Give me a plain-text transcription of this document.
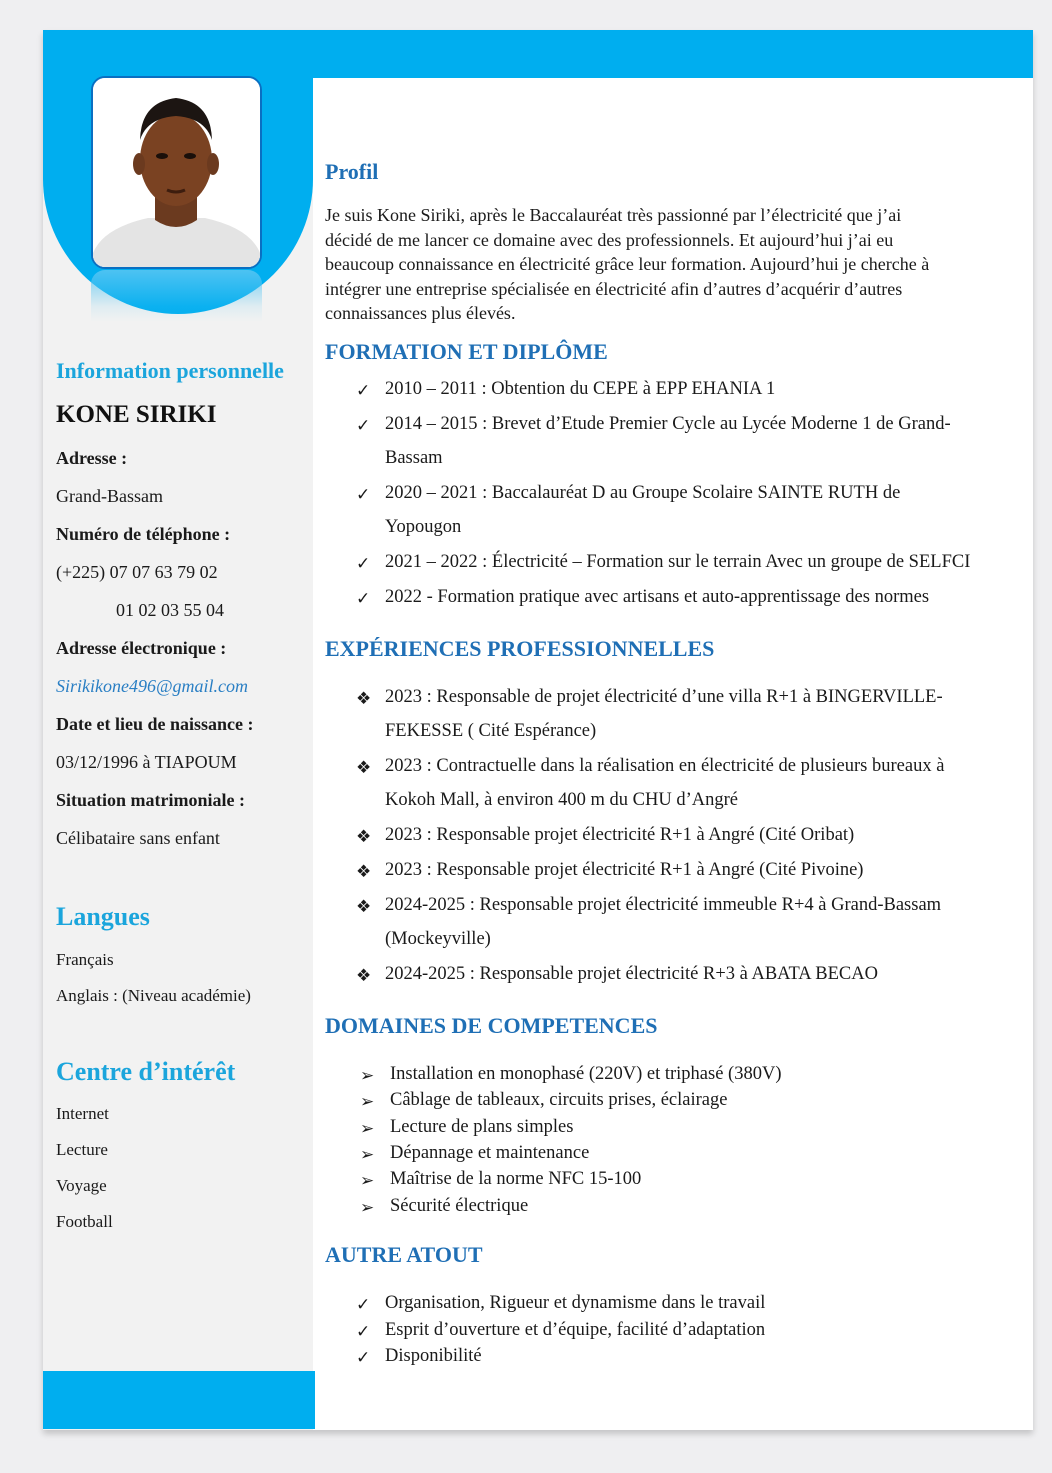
Information personnelle
KONE SIRIKI
Adresse :
Grand-Bassam
Numéro de téléphone :
(+225) 07 07 63 79 02
01 02 03 55 04
Adresse électronique :
Sirikikone496@gmail.com
Date et lieu de naissance :
03/12/1996 à TIAPOUM
Situation matrimoniale :
Célibataire sans enfant
Langues
Français
Anglais : (Niveau académie)
Centre d’intérêt
Internet
Lecture
Voyage
Football
Profil
Je suis Kone Siriki, après le Baccalauréat très passionné par l’électricité que j’ai
décidé de me lancer ce domaine avec des professionnels. Et aujourd’hui j’ai eu
beaucoup connaissance en électricité grâce leur formation. Aujourd’hui je cherche à
intégrer une entreprise spécialisée en électricité afin d’autres d’acquérir d’autres
connaissances plus élevés.
FORMATION ET DIPLÔME
✓ 2010 – 2011 : Obtention du CEPE à EPP EHANIA 1
✓ 2014 – 2015 : Brevet d’Etude Premier Cycle au Lycée Moderne 1 de Grand-
Bassam
✓ 2020 – 2021 : Baccalauréat D au Groupe Scolaire SAINTE RUTH de
Yopougon
✓ 2021 – 2022 : Électricité – Formation sur le terrain Avec un groupe de SELFCI
✓ 2022 - Formation pratique avec artisans et auto-apprentissage des normes
EXPÉRIENCES PROFESSIONNELLES
❖ 2023 : Responsable de projet électricité d’une villa R+1 à BINGERVILLE-
FEKESSE ( Cité Espérance)
❖ 2023 : Contractuelle dans la réalisation en électricité de plusieurs bureaux à
Kokoh Mall, à environ 400 m du CHU d’Angré
❖ 2023 : Responsable projet électricité R+1 à Angré (Cité Oribat)
❖ 2023 : Responsable projet électricité R+1 à Angré (Cité Pivoine)
❖ 2024-2025 : Responsable projet électricité immeuble R+4 à Grand-Bassam
(Mockeyville)
❖ 2024-2025 : Responsable projet électricité R+3 à ABATA BECAO
DOMAINES DE COMPETENCES
➢ Installation en monophasé (220V) et triphasé (380V)
➢ Câblage de tableaux, circuits prises, éclairage
➢ Lecture de plans simples
➢ Dépannage et maintenance
➢ Maîtrise de la norme NFC 15-100
➢ Sécurité électrique
AUTRE ATOUT
✓ Organisation, Rigueur et dynamisme dans le travail
✓ Esprit d’ouverture et d’équipe, facilité d’adaptation
✓ Disponibilité
